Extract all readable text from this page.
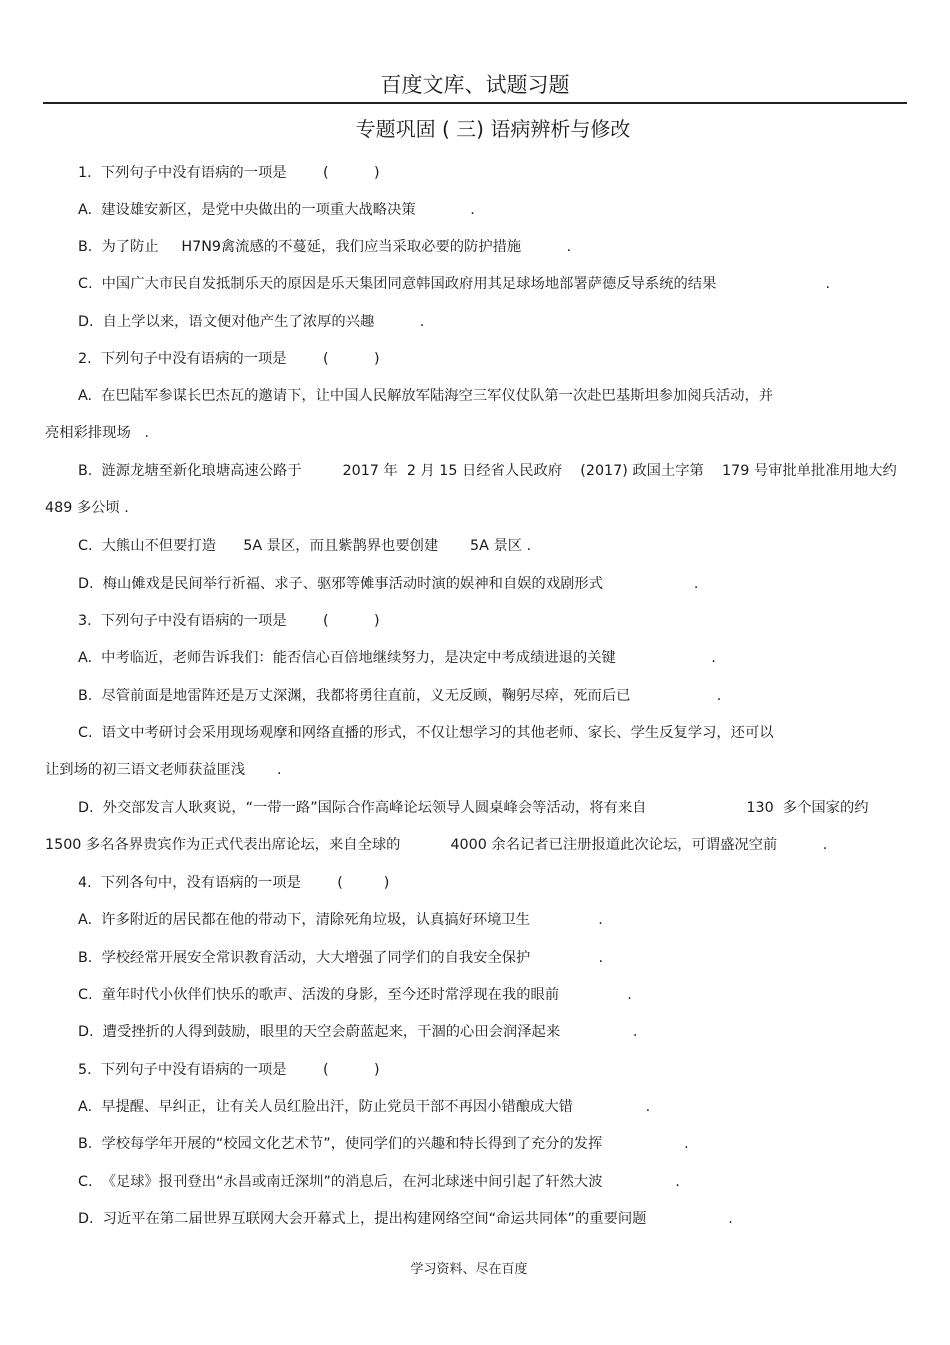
百度文库、试题习题
专题巩固 ( 三) 语病辨析与修改
1.  下列句子中没有语病的一项是        (          )
A.  建设雄安新区，是党中央做出的一项重大战略决策            .
B.  为了防止     H7N9禽流感的不蔓延，我们应当采取必要的防护措施          .
C.  中国广大市民自发抵制乐天的原因是乐天集团同意韩国政府用其足球场地部署萨德反导系统的结果                        .
D.  自上学以来，语文便对他产生了浓厚的兴趣          .
2.  下列句子中没有语病的一项是        (          )
A.  在巴陆军参谋长巴杰瓦的邀请下，让中国人民解放军陆海空三军仪仗队第一次赴巴基斯坦参加阅兵活动，并
亮相彩排现场   .
B.  涟源龙塘至新化琅塘高速公路于         2017 年  2 月 15 日经省人民政府    (2017) 政国土字第    179 号审批单批准用地大约
489 多公顷 .
C.  大熊山不但要打造      5A 景区，而且紫鹊界也要创建       5A 景区 .
D.  梅山傩戏是民间举行祈福、求子、驱邪等傩事活动时演的娱神和自娱的戏剧形式                    .
3.  下列句子中没有语病的一项是        (          )
A.  中考临近，老师告诉我们：能否信心百倍地继续努力，是决定中考成绩进退的关键                     .
B.  尽管前面是地雷阵还是万丈深渊，我都将勇往直前，义无反顾，鞠躬尽瘁，死而后已                   .
C.  语文中考研讨会采用现场观摩和网络直播的形式，不仅让想学习的其他老师、家长、学生反复学习，还可以
让到场的初三语文老师获益匪浅       .
D.  外交部发言人耿爽说，“一带一路”国际合作高峰论坛领导人圆桌峰会等活动，将有来自                      130  多个国家的约
1500 多名各界贵宾作为正式代表出席论坛，来自全球的           4000 余名记者已注册报道此次论坛，可谓盛况空前          .
4.  下列各句中，没有语病的一项是        (         )
A.  许多附近的居民都在他的带动下，清除死角垃圾，认真搞好环境卫生               .
B.  学校经常开展安全常识教育活动，大大增强了同学们的自我安全保护               .
C.  童年时代小伙伴们快乐的歌声、活泼的身影，至今还时常浮现在我的眼前               .
D.  遭受挫折的人得到鼓励，眼里的天空会蔚蓝起来，干涸的心田会润泽起来                .
5.  下列句子中没有语病的一项是        (          )
A.  早提醒、早纠正，让有关人员红脸出汗，防止党员干部不再因小错酿成大错                .
B.  学校每学年开展的“校园文化艺术节”，使同学们的兴趣和特长得到了充分的发挥                  .
C.  《足球》报刊登出“永昌或南迁深圳”的消息后，在河北球迷中间引起了轩然大波                .
D.  习近平在第二届世界互联网大会开幕式上，提出构建网络空间“命运共同体”的重要问题                  .
学习资料、尽在百度
